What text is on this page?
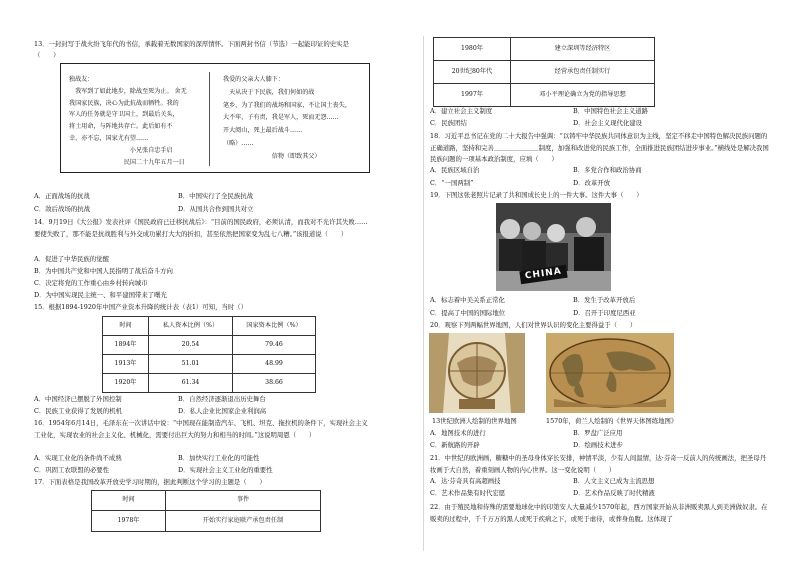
13．一封封写于战火纷飞年代的书信，承载着无数国家的深厚情怀。下面两封书信（节选）一起能印证的史实是（　　）
独战友：
　我军到了如此地步，除战至死为止。 舍无
我国家民族，决心为此抗战而牺牲。我的
军人的任务就是守卫国土，到最后关头，
将士用命，与阵地共存亡。此后如有不
幸，亦不忘，国家尤有望……
　　　　　　　　　　小兄张自忠手启
　　　　　　　　　民国二十九年五月一日
我爱的父亲大人膝下：
　天从决于下民族，我们何如的战
笔乡，为了我们的战场和国家，不让国土丧失，
大不牢，子有责，我是军人，死而无怨……
开大阅山，死上最后战斗……
（略）……
　　　　　　　　信物（即致其父）
A．正面战场的抗战	B．中国实行了全民族抗战
C．敌后战场的抗战	D．从国共合作到国共对立
14．9月19日《大公报》发表社评《国民政府已迁移抗战后》：“目前的国民政府，必须认清，而我对不光许其失败……要使失败了，那不能是抗战胜利与外交成功累打大大的折扣，甚至依然把国家变为乱七八糟。”该报道说（　　）
A．促进了中华民族的觉醒
B．为中国共产党和中国人民指明了战后奋斗方向
C．决定将党的工作重心由乡村转向城市
D．为中国实现民主统一、和平建国带来了曙光
15．根据1894-1920年中国产业资本升降的统计表（表1）可知，当时（）
时间	私人资本比例（%）	国家资本比例（%）
1894年	20.54	79.46
1913年	51.01	48.99
1920年	61.34	38.66
A．中国经济已摆脱了外国控制	B．自然经济逐渐退出历史舞台
C．民族工业获得了发展的机机	D．私人企业比国家企业利润高
16．1954年6月14日，毛泽东在一次讲话中说：“中国现在能制造汽车、飞机、坦克、拖拉机的条件下，实现社会主义工业化，实现农业的社会主义化、机械化，需要付出巨大的努力和相当的时间。”这说明周恩（　　）
A．实现工业化的条件尚不成熟	B．加快实行工业化的可能性
C．巩固工农联盟的必要性	D．实现社会主义工业化的重要性
17．下面表格是我国改革开放史学习时期的，据此判断这个学习的主题是（　　）
时间	事件
1978年	开始实行家庭联产承包责任制
1980年	建立深圳等经济特区
20世纪80年代	经营承包责任制实行
1997年	邓小平理论确立为党的指导思想
A．建立社会主义制度	B．中国特色社会主义道路
C．民族团结	D．社会主义现代化建设
18．习近平总书记在党的二十大报告中强调：“以铸牢中华民族共同体意识为主线，坚定不移走中国特色解决民族问题的正确道路，坚持和完善＿＿＿＿＿＿＿制度，加强和改进党的民族工作，全面推进民族团结进步事业。”横线处是解决我国民族问题的一项基本政治制度，应填（　　）
A．民族区域自治	B．多党合作和政治协商
C．“一国两制”	D．改革开放
19．下图这张老照片记录了共和国成长史上的一件大事。这件大事（　　）
CHINA
A．标志着中美关系正常化	B．发生于改革开放后
C．提高了中国的国际地位	D．召开于印度尼西亚
20．观察下列两幅世界地图，人们对世界认识的变化主要得益于（　　）
13世纪欧洲人绘制的世界地图	1570年，荷兰人绘制的《世界天体图练地图》
A．地图技术的进行	B．罗盘广泛应用
C．新航路的开辟	D．绘画技术进步
21．中世纪的欧洲画，糖糖中的圣母身体穿长安排，神情平淡，少有人间温情，达·芬奇一反前人的传统画法，把圣母丹妆画于大自然，着重刻画人物的内心世界。这一变化说明（　　）
A．达·芬奇具有高超画技	B．人文主义已成为主流思想
C．艺术作品集有时代宏愿	D．艺术作品反映了时代精液
22．由于殖民地和侍殊的需要地球化中的印第安人大量减少1570年起，西方国家开始从非洲贩卖黑人到美洲做奴隶。在贩卖的过程中，千千万万的黑人或死于疾病之下，或死于虐待，或葬身鱼腹。这体现了
